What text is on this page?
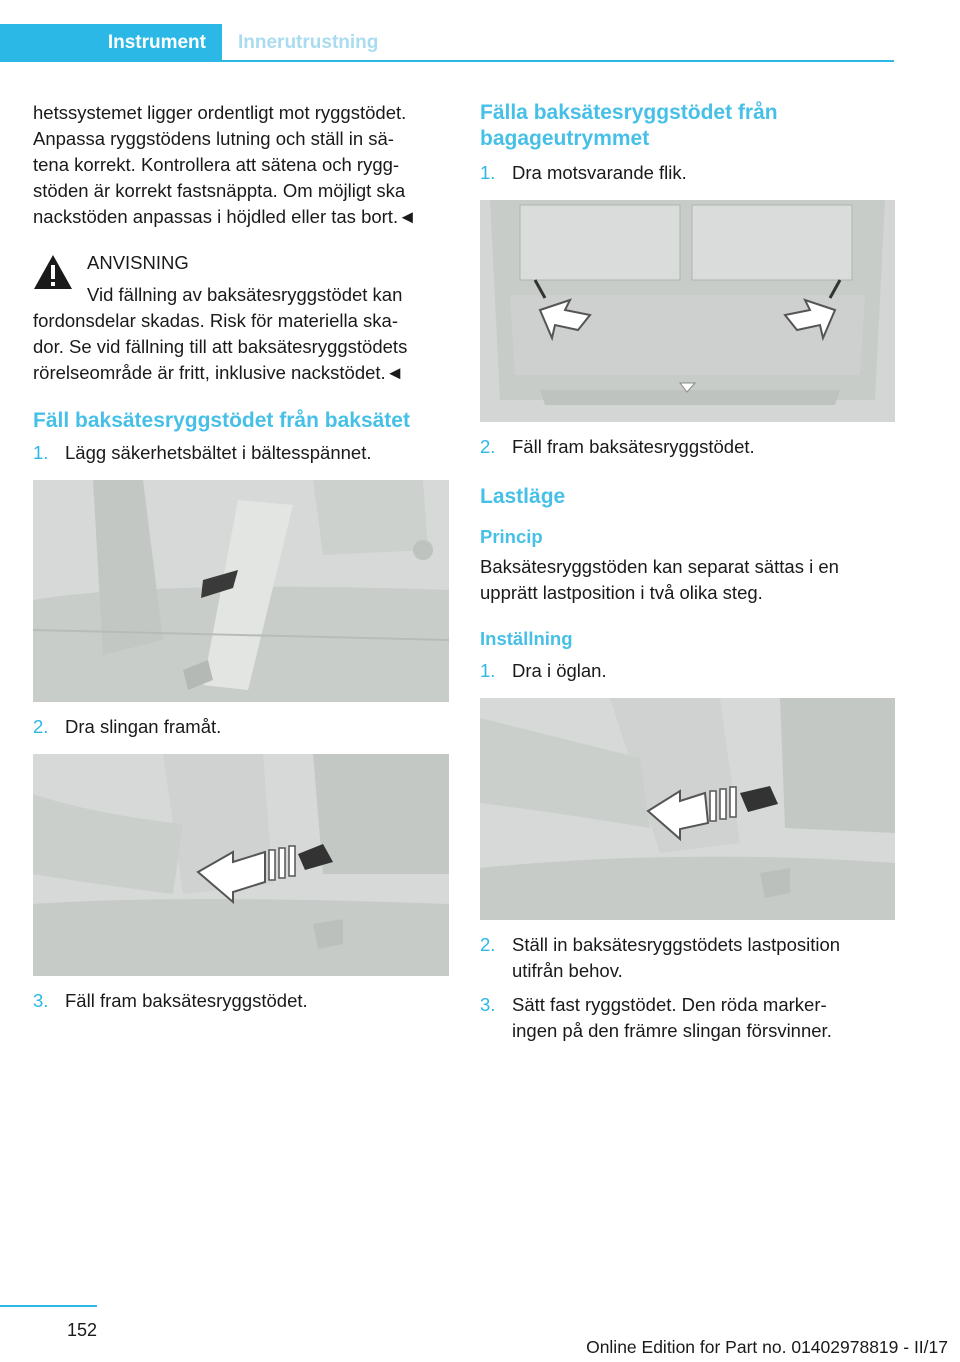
Instrument	Innerutrustning

hetssystemet ligger ordentligt mot ryggstödet.

Anpassa ryggstödens lutning och ställ in sä-

tena korrekt. Kontrollera att sätena och rygg-

stöden är korrekt fastsnäppta. Om möjligt ska

nackstöden anpassas i höjdled eller tas bort.◄

ANVISNING

Vid fällning av baksätesryggstödet kan

fordonsdelar skadas. Risk för materiella ska-

dor. Se vid fällning till att baksätesryggstödets

rörelseområde är fritt, inklusive nackstödet.◄

Fäll baksätesryggstödet från baksätet
1. Lägg säkerhetsbältet i bältesspännet.
2. Dra slingan framåt.
3. Fäll fram baksätesryggstödet.
Fälla baksätesryggstödet från
bagageutrymmet
1. Dra motsvarande flik.
2. Fäll fram baksätesryggstödet.
Lastläge
Princip

Baksätesryggstöden kan separat sättas i en

upprätt lastposition i två olika steg.

Inställning
1. Dra i öglan.
2. Ställ in baksätesryggstödets lastposition
utifrån behov.
3. Sätt fast ryggstödet. Den röda marker-
ingen på den främre slingan försvinner.
152
Online Edition for Part no. 01402978819 - II/17
